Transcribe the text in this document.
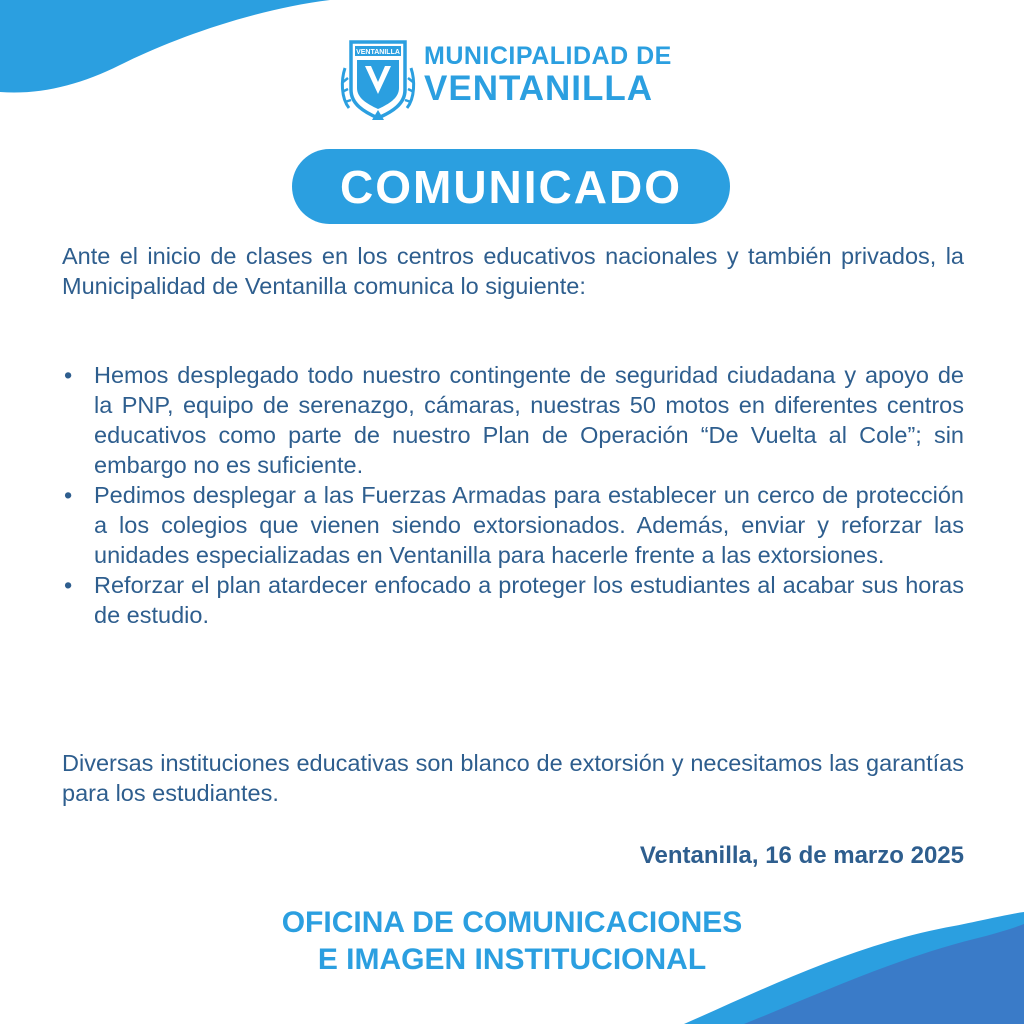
VENTANILLA MUNICIPALIDAD DE
VENTANILLA
COMUNICADO

Ante el inicio de clases en los centros educativos nacionales y también privados, la Municipalidad de Ventanilla comunica lo siguiente:

• Hemos desplegado todo nuestro contingente de seguridad ciudadana y apoyo de la PNP, equipo de serenazgo, cámaras, nuestras 50 motos en diferentes centros educativos como parte de nuestro Plan de Operación “De Vuelta al Cole”; sin embargo no es suficiente.
• Pedimos desplegar a las Fuerzas Armadas para establecer un cerco de protección a los colegios que vienen siendo extorsionados. Además, enviar y reforzar las unidades especializadas en Ventanilla para hacerle frente a las extorsiones.
• Reforzar el plan atardecer enfocado a proteger los estudiantes al acabar sus horas de estudio.

Diversas instituciones educativas son blanco de extorsión y necesitamos las garantías para los estudiantes.

Ventanilla, 16 de marzo 2025
OFICINA DE COMUNICACIONES
E IMAGEN INSTITUCIONAL
